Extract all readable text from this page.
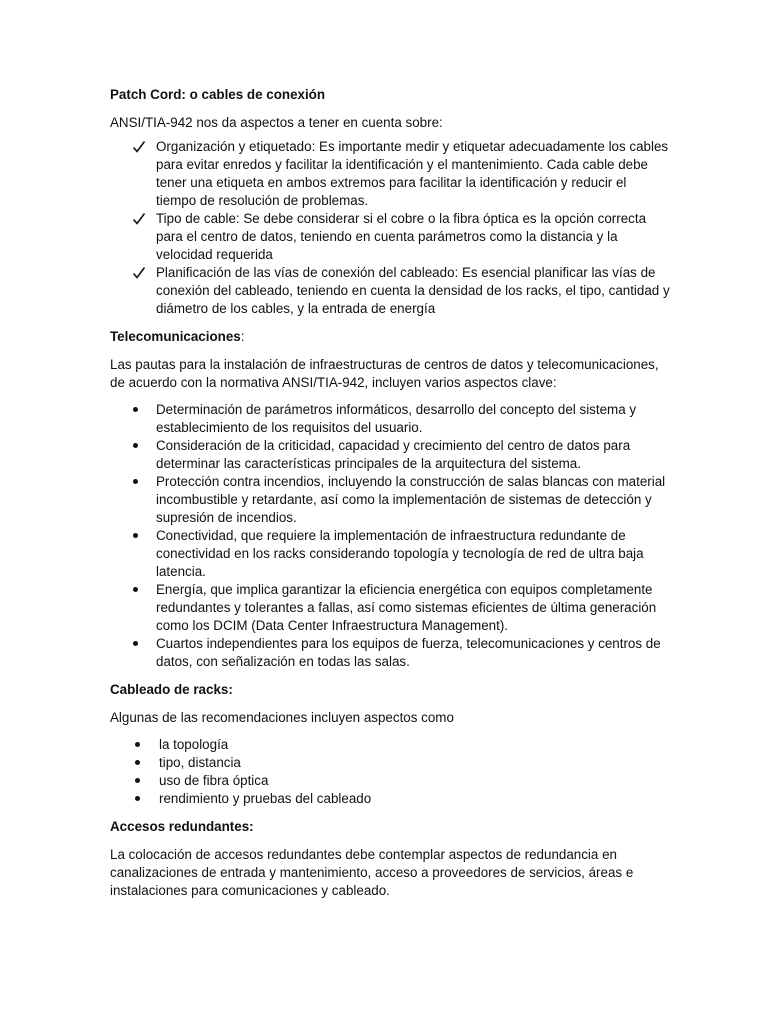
Patch Cord: o cables de conexión

ANSI/TIA-942 nos da aspectos a tener en cuenta sobre:

Organización y etiquetado: Es importante medir y etiquetar adecuadamente los cables para evitar enredos y facilitar la identificación y el mantenimiento. Cada cable debe tener una etiqueta en ambos extremos para facilitar la identificación y reducir el tiempo de resolución de problemas.
Tipo de cable: Se debe considerar si el cobre o la fibra óptica es la opción correcta para el centro de datos, teniendo en cuenta parámetros como la distancia y la velocidad requerida
Planificación de las vías de conexión del cableado: Es esencial planificar las vías de conexión del cableado, teniendo en cuenta la densidad de los racks, el tipo, cantidad y diámetro de los cables, y la entrada de energía

Telecomunicaciones:

Las pautas para la instalación de infraestructuras de centros de datos y telecomunicaciones, de acuerdo con la normativa ANSI/TIA-942, incluyen varios aspectos clave:

Determinación de parámetros informáticos, desarrollo del concepto del sistema y establecimiento de los requisitos del usuario.
Consideración de la criticidad, capacidad y crecimiento del centro de datos para determinar las características principales de la arquitectura del sistema.
Protección contra incendios, incluyendo la construcción de salas blancas con material incombustible y retardante, así como la implementación de sistemas de detección y supresión de incendios.
Conectividad, que requiere la implementación de infraestructura redundante de conectividad en los racks considerando topología y tecnología de red de ultra baja latencia.
Energía, que implica garantizar la eficiencia energética con equipos completamente redundantes y tolerantes a fallas, así como sistemas eficientes de última generación como los DCIM (Data Center Infraestructura Management).
Cuartos independientes para los equipos de fuerza, telecomunicaciones y centros de datos, con señalización en todas las salas.

Cableado de racks:

Algunas de las recomendaciones incluyen aspectos como

la topología
tipo, distancia
uso de fibra óptica
rendimiento y pruebas del cableado

Accesos redundantes:

La colocación de accesos redundantes debe contemplar aspectos de redundancia en canalizaciones de entrada y mantenimiento, acceso a proveedores de servicios, áreas e instalaciones para comunicaciones y cableado.
